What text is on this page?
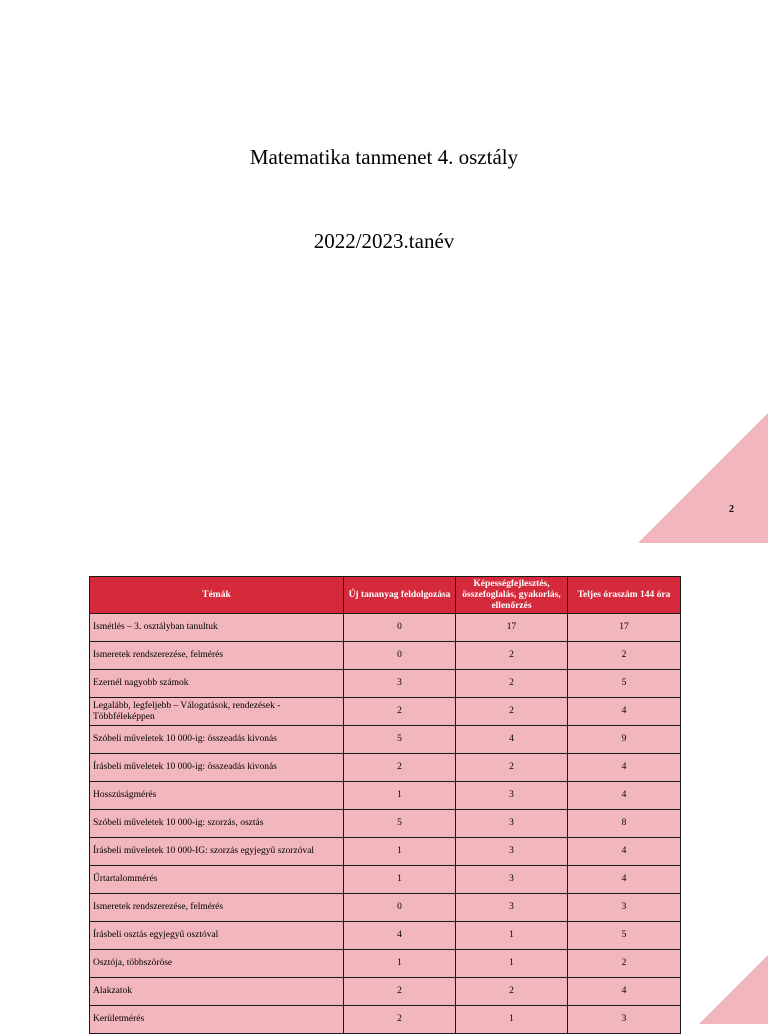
Matematika tanmenet 4. osztály
2022/2023.tanév
2
Témák	Új tananyag feldolgozása	Képességfejlesztés, összefoglalás, gyakorlás, ellenőrzés	Teljes óraszám 144 óra
Ismétlés – 3. osztályban tanultuk	0	17	17
Ismeretek rendszerezése, felmérés	0	2	2
Ezernél nagyobb számok	3	2	5
Legalább, legfeljebb – Válogatások, rendezések - Többféleképpen	2	2	4
Szóbeli műveletek 10 000-ig: összeadás kivonás	5	4	9
Írásbeli műveletek 10 000-ig: összeadás kivonás	2	2	4
Hosszúságmérés	1	3	4
Szóbeli műveletek 10 000-ig: szorzás, osztás	5	3	8
Írásbeli műveletek 10 000-IG: szorzás egyjegyű szorzóval	1	3	4
Űrtartalommérés	1	3	4
Ismeretek rendszerezése, felmérés	0	3	3
Írásbeli osztás egyjegyű osztóval	4	1	5
Osztója, többszöröse	1	1	2
Alakzatok	2	2	4
Kerületmérés	2	1	3
